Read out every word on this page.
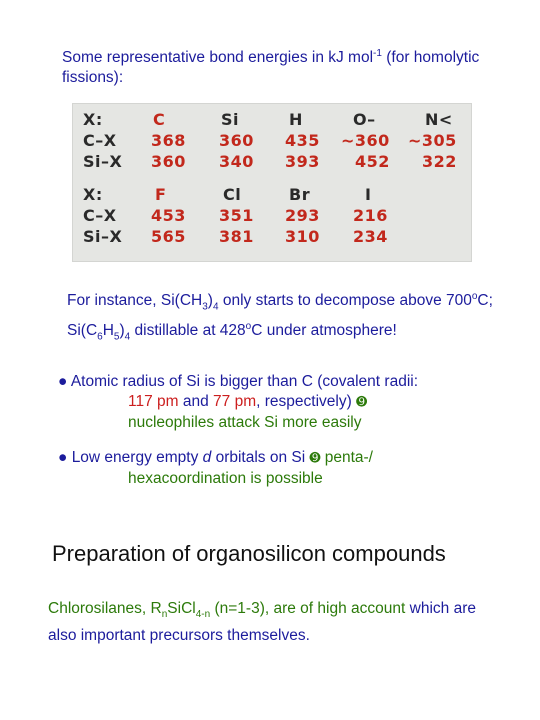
Some representative bond energies in kJ mol$^{-1}$ (for homolytic fissions):
X:	C	Si	H	O–	N<
C–X 368 360 435 ~360 ~305
Si–X 360 340 393 452 322
X:	F	Cl	Br	I
C–X 453 351 293 216
Si–X 565 381 310 234
For instance, $Si(CH_3)_4$ only starts to decompose above 700$^o$C; $Si(C_6H_5)_4$ distillable at 428$^o$C under atmosphere!
● Atomic radius of Si is bigger than C (covalent radii:
117 pm and 77 pm, respectively) ➒
nucleophiles attack Si more easily
● Low energy empty d orbitals on Si ➒ penta-/
hexacoordination is possible
Preparation of organosilicon compounds
Chlorosilanes, $R_nSiCl_{4-n}$ (n=1-3), are of high account which are also important precursors themselves.
